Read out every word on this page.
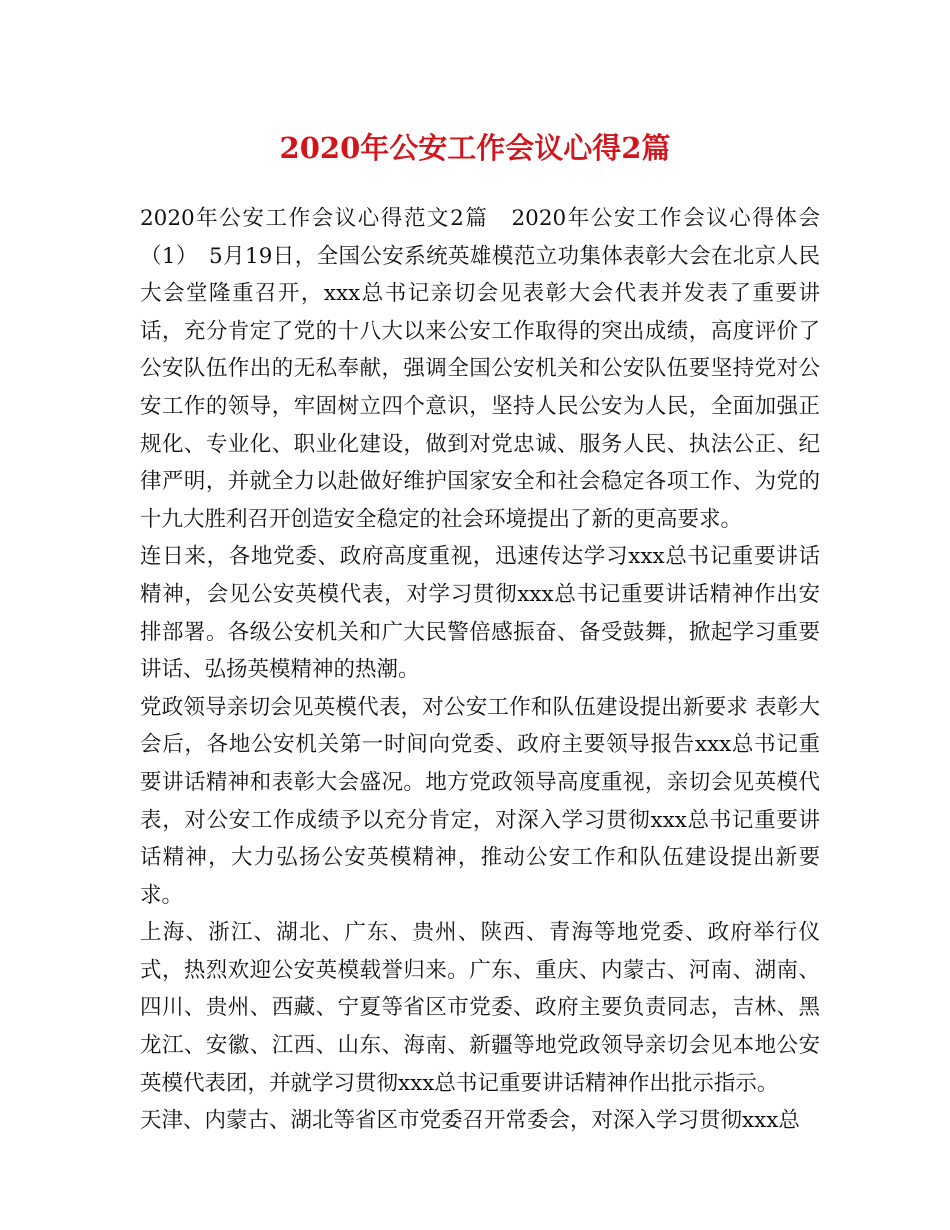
2020年公安工作会议心得2篇

2020年公安工作会议心得范文2篇　2020年公安工作会议心得体会（1）　5月19日，全国公安系统英雄模范立功集体表彰大会在北京人民大会堂隆重召开，xxx总书记亲切会见表彰大会代表并发表了重要讲话，充分肯定了党的十八大以来公安工作取得的突出成绩，高度评价了公安队伍作出的无私奉献，强调全国公安机关和公安队伍要坚持党对公安工作的领导，牢固树立四个意识，坚持人民公安为人民，全面加强正规化、专业化、职业化建设，做到对党忠诚、服务人民、执法公正、纪律严明，并就全力以赴做好维护国家安全和社会稳定各项工作、为党的十九大胜利召开创造安全稳定的社会环境提出了新的更高要求。

连日来，各地党委、政府高度重视，迅速传达学习xxx总书记重要讲话精神，会见公安英模代表，对学习贯彻xxx总书记重要讲话精神作出安排部署。各级公安机关和广大民警倍感振奋、备受鼓舞，掀起学习重要讲话、弘扬英模精神的热潮。

党政领导亲切会见英模代表，对公安工作和队伍建设提出新要求 表彰大会后，各地公安机关第一时间向党委、政府主要领导报告xxx总书记重要讲话精神和表彰大会盛况。地方党政领导高度重视，亲切会见英模代表，对公安工作成绩予以充分肯定，对深入学习贯彻xxx总书记重要讲话精神，大力弘扬公安英模精神，推动公安工作和队伍建设提出新要求。

上海、浙江、湖北、广东、贵州、陕西、青海等地党委、政府举行仪式，热烈欢迎公安英模载誉归来。广东、重庆、内蒙古、河南、湖南、四川、贵州、西藏、宁夏等省区市党委、政府主要负责同志，吉林、黑龙江、安徽、江西、山东、海南、新疆等地党政领导亲切会见本地公安英模代表团，并就学习贯彻xxx总书记重要讲话精神作出批示指示。

天津、内蒙古、湖北等省区市党委召开常委会，对深入学习贯彻xxx总
